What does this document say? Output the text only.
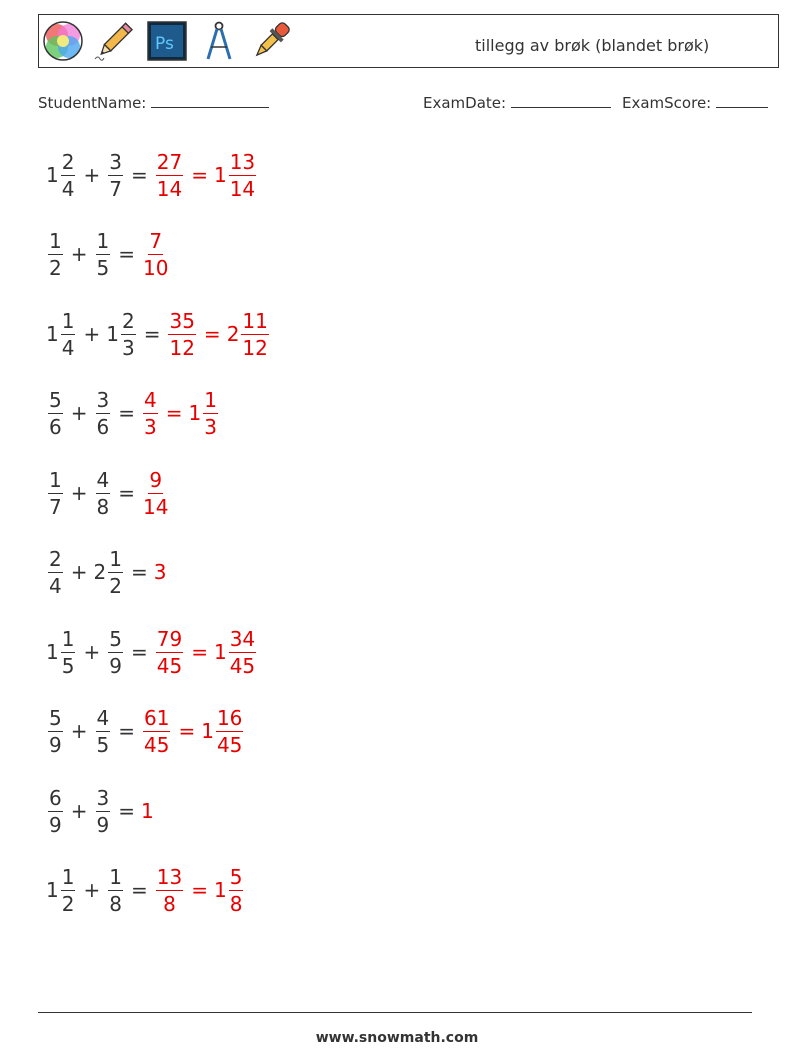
Ps	tillegg av brøk (blandet brøk)
StudentName:	ExamDate:	ExamScore:
$1 \frac{2}{4} + \frac{3}{7} = \frac{27}{14} = 1 \frac{13}{14}$
$\frac{1}{2} + \frac{1}{5} = \frac{7}{10}$
$1 \frac{1}{4} + 1 \frac{2}{3} = \frac{35}{12} = 2 \frac{11}{12}$
$\frac{5}{6} + \frac{3}{6} = \frac{4}{3} = 1 \frac{1}{3}$
$\frac{1}{7} + \frac{4}{8} = \frac{9}{14}$
$\frac{2}{4} + 2 \frac{1}{2} = 3$
$1 \frac{1}{5} + \frac{5}{9} = \frac{79}{45} = 1 \frac{34}{45}$
$\frac{5}{9} + \frac{4}{5} = \frac{61}{45} = 1 \frac{16}{45}$
$\frac{6}{9} + \frac{3}{9} = 1$
$1 \frac{1}{2} + \frac{1}{8} = \frac{13}{8} = 1 \frac{5}{8}$
www.snowmath.com
